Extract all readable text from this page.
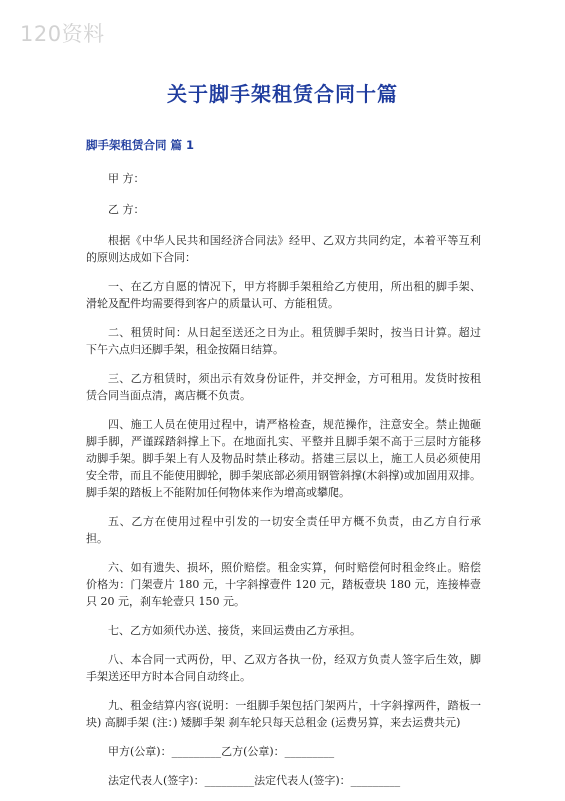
120资料
关于脚手架租赁合同十篇
脚手架租赁合同 篇 1

甲 方：

乙 方：

根据《中华人民共和国经济合同法》经甲、乙双方共同约定，本着平等互利的原则达成如下合同：

一、在乙方自愿的情况下，甲方将脚手架租给乙方使用，所出租的脚手架、滑轮及配件均需要得到客户的质量认可、方能租赁。

二、租赁时间：从日起至送还之日为止。租赁脚手架时，按当日计算。超过下午六点归还脚手架，租金按隔日结算。

三、乙方租赁时，须出示有效身份证件，并交押金，方可租用。发货时按租赁合同当面点清，离店概不负责。

四、施工人员在使用过程中，请严格检查，规范操作，注意安全。禁止抛砸脚手脚，严谨踩踏斜撑上下。在地面扎实、平整并且脚手架不高于三层时方能移动脚手架。脚手架上有人及物品时禁止移动。搭建三层以上，施工人员必须使用安全带，而且不能使用脚轮，脚手架底部必须用钢管斜撑(木斜撑)或加固用双排。脚手架的踏板上不能附加任何物体来作为增高或攀爬。

五、乙方在使用过程中引发的一切安全责任甲方概不负责，由乙方自行承担。

六、如有遗失、损坏，照价赔偿。租金实算，何时赔偿何时租金终止。赔偿价格为：门架壹片 180 元，十字斜撑壹件 120 元，踏板壹块 180 元，连接棒壹只 20 元，刹车轮壹只 150 元。

七、乙方如须代办送、接货，来回运费由乙方承担。

八、本合同一式两份，甲、乙双方各执一份，经双方负责人签字后生效，脚手架送还甲方时本合同自动终止。

九、租金结算内容(说明：一组脚手架包括门架两片，十字斜撑两件，踏板一块) 高脚手架 (注：) 矮脚手架 刹车轮只每天总租金 (运费另算，来去运费共元)

甲方(公章)：_________乙方(公章)：_________

法定代表人(签字)：_________法定代表人(签字)：_________
